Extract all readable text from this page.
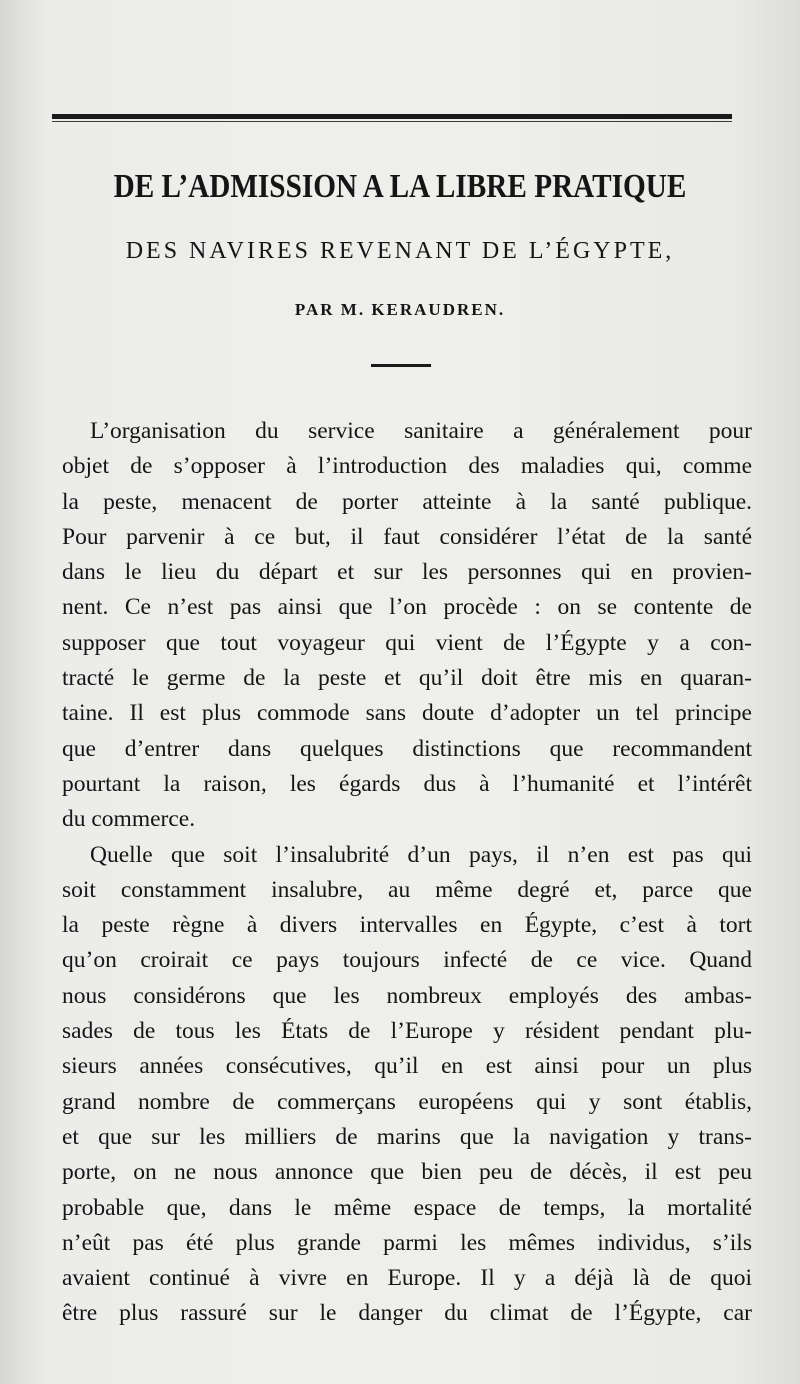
DE L’ADMISSION A LA LIBRE PRATIQUE
DES NAVIRES REVENANT DE L’ÉGYPTE,
PAR M. KERAUDREN.

L’organisation du service sanitaire a généralement pour
objet de s’opposer à l’introduction des maladies qui, comme
la peste, menacent de porter atteinte à la santé publique.
Pour parvenir à ce but, il faut considérer l’état de la santé
dans le lieu du départ et sur les personnes qui en provien-
nent. Ce n’est pas ainsi que l’on procède : on se contente de
supposer que tout voyageur qui vient de l’Égypte y a con-
tracté le germe de la peste et qu’il doit être mis en quaran-
taine. Il est plus commode sans doute d’adopter un tel principe
que d’entrer dans quelques distinctions que recommandent
pourtant la raison, les égards dus à l’humanité et l’intérêt
du commerce.

Quelle que soit l’insalubrité d’un pays, il n’en est pas qui
soit constamment insalubre, au même degré et, parce que
la peste règne à divers intervalles en Égypte, c’est à tort
qu’on croirait ce pays toujours infecté de ce vice. Quand
nous considérons que les nombreux employés des ambas-
sades de tous les États de l’Europe y résident pendant plu-
sieurs années consécutives, qu’il en est ainsi pour un plus
grand nombre de commerçans européens qui y sont établis,
et que sur les milliers de marins que la navigation y trans-
porte, on ne nous annonce que bien peu de décès, il est peu
probable que, dans le même espace de temps, la mortalité
n’eût pas été plus grande parmi les mêmes individus, s’ils
avaient continué à vivre en Europe. Il y a déjà là de quoi
être plus rassuré sur le danger du climat de l’Égypte, car
